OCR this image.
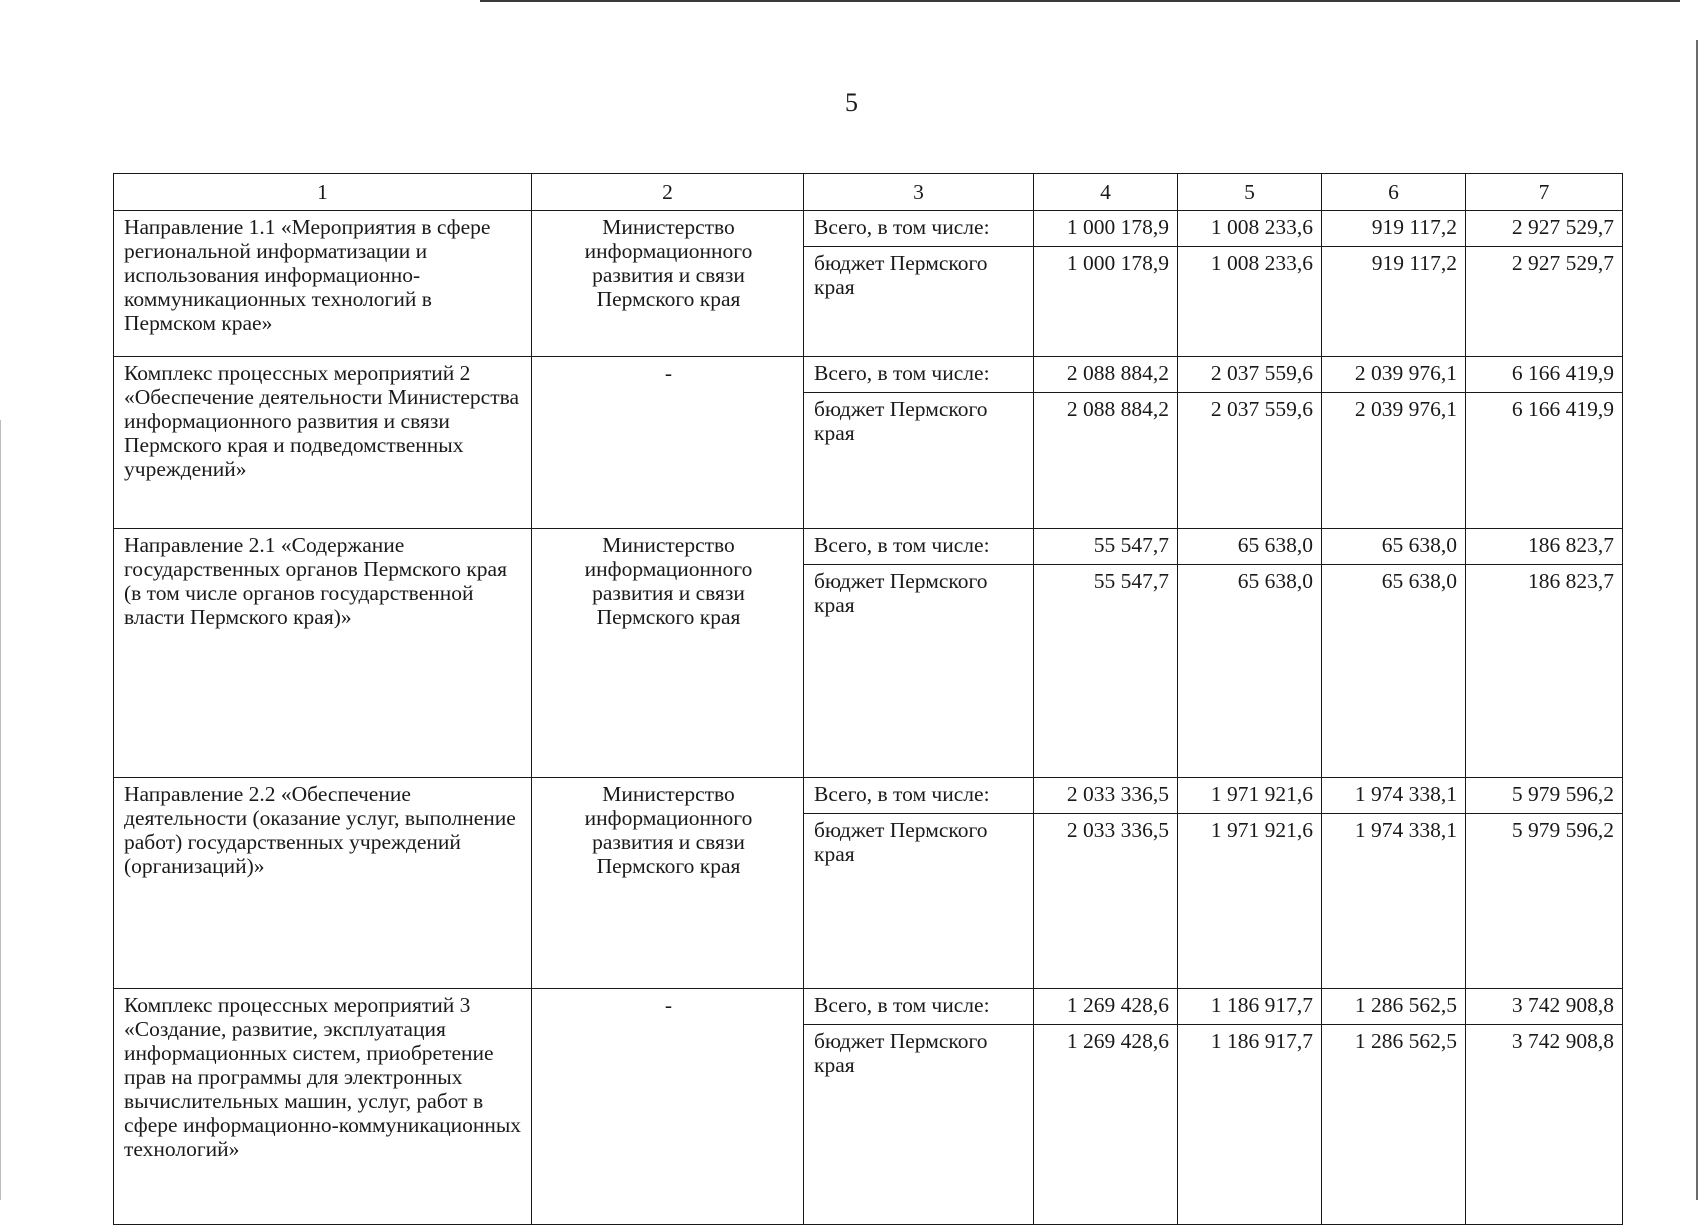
5
1	2	3	4	5	6	7
Направление 1.1 «Мероприятия в сфере региональной информатизации и использования информационно-коммуникационных технологий в Пермском крае»	Министерство информационного развития и связи Пермского края	Всего, в том числе:	1 000 178,9	1 008 233,6	919 117,2	2 927 529,7
		бюджет Пермского края	1 000 178,9	1 008 233,6	919 117,2	2 927 529,7
Комплекс процессных мероприятий 2 «Обеспечение деятельности Министерства информационного развития и связи Пермского края и подведомственных учреждений»	-	Всего, в том числе:	2 088 884,2	2 037 559,6	2 039 976,1	6 166 419,9
		бюджет Пермского края	2 088 884,2	2 037 559,6	2 039 976,1	6 166 419,9
Направление 2.1 «Содержание государственных органов Пермского края (в том числе органов государственной власти Пермского края)»	Министерство информационного развития и связи Пермского края	Всего, в том числе:	55 547,7	65 638,0	65 638,0	186 823,7
		бюджет Пермского края	55 547,7	65 638,0	65 638,0	186 823,7
Направление 2.2 «Обеспечение деятельности (оказание услуг, выполнение работ) государственных учреждений (организаций)»	Министерство информационного развития и связи Пермского края	Всего, в том числе:	2 033 336,5	1 971 921,6	1 974 338,1	5 979 596,2
		бюджет Пермского края	2 033 336,5	1 971 921,6	1 974 338,1	5 979 596,2
Комплекс процессных мероприятий 3 «Создание, развитие, эксплуатация информационных систем, приобретение прав на программы для электронных вычислительных машин, услуг, работ в сфере информационно-коммуникационных технологий»	-	Всего, в том числе:	1 269 428,6	1 186 917,7	1 286 562,5	3 742 908,8
		бюджет Пермского края	1 269 428,6	1 186 917,7	1 286 562,5	3 742 908,8
